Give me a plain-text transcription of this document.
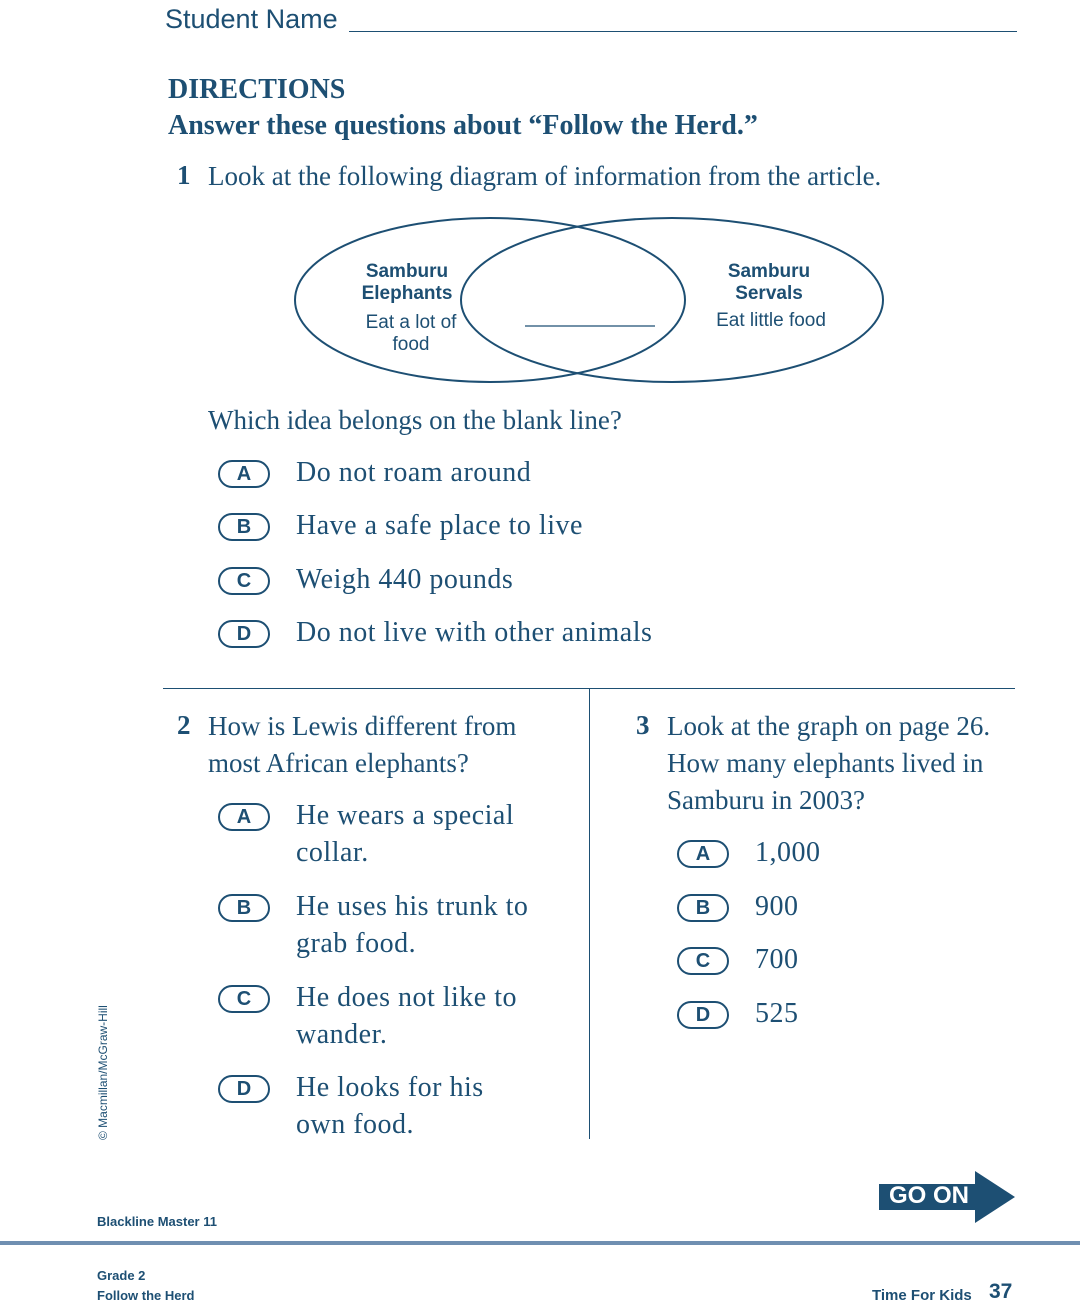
Student Name
DIRECTIONS
Answer these questions about “Follow the Herd.”
1 Look at the following diagram of information from the article.
Samburu
Elephants
Eat a lot of
food
Samburu
Servals
Eat little food
Which idea belongs on the blank line?
A	Do not roam around
B	Have a safe place to live
C	Weigh 440 pounds
D	Do not live with other animals
2 How is Lewis different from
most African elephants?
A	He wears a special
collar.
B	He uses his trunk to
grab food.
C	He does not like to
wander.
D	He looks for his
own food.
3 Look at the graph on page 26.
How many elephants lived in
Samburu in 2003?
A	1,000
B	900
C	700
D	525
© Macmillan/McGraw-Hill
GO ON
Blackline Master 11
Grade 2
Follow the Herd	Time For Kids 37
